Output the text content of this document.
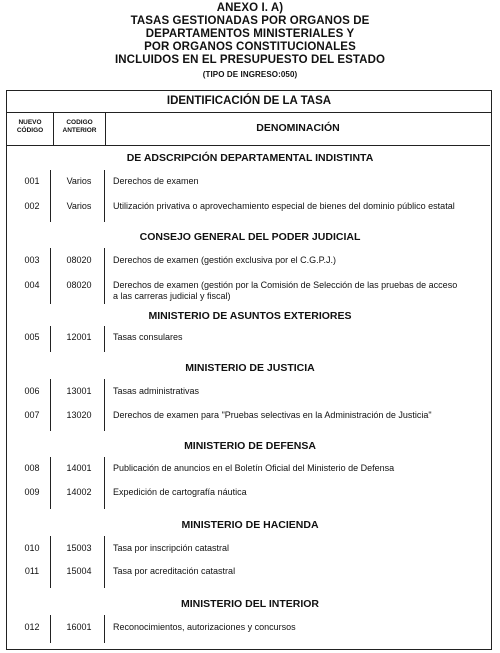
ANEXO I. A)
TASAS GESTIONADAS POR ORGANOS DE
DEPARTAMENTOS MINISTERIALES Y
POR ORGANOS CONSTITUCIONALES
INCLUIDOS EN EL PRESUPUESTO DEL ESTADO
(TIPO DE INGRESO:050)
IDENTIFICACIÓN DE LA TASA
NUEVO
CÓDIGO
CODIGO
ANTERIOR	DENOMINACIÓN
DE ADSCRIPCIÓN DEPARTAMENTAL INDISTINTA
CONSEJO GENERAL DEL PODER JUDICIAL
MINISTERIO DE ASUNTOS EXTERIORES
MINISTERIO DE JUSTICIA
MINISTERIO DE DEFENSA
MINISTERIO DE HACIENDA
MINISTERIO DEL INTERIOR
001	Varios	Derechos de examen
002	Varios	Utilización privativa o aprovechamiento especial de bienes del dominio público estatal
003	08020	Derechos de examen (gestión exclusiva por el C.G.P.J.)
004	08020	Derechos de examen (gestión por la Comisión de Selección de las pruebas de acceso
a las carreras judicial y fiscal)
005	12001	Tasas consulares
006	13001	Tasas administrativas
007	13020	Derechos de examen para "Pruebas selectivas en la Administración de Justicia"
008	14001	Publicación de anuncios en el Boletín Oficial del Ministerio de Defensa
009	14002	Expedición de cartografía náutica
010	15003	Tasa por inscripción catastral
011	15004	Tasa por acreditación catastral
012	16001	Reconocimientos, autorizaciones y concursos
